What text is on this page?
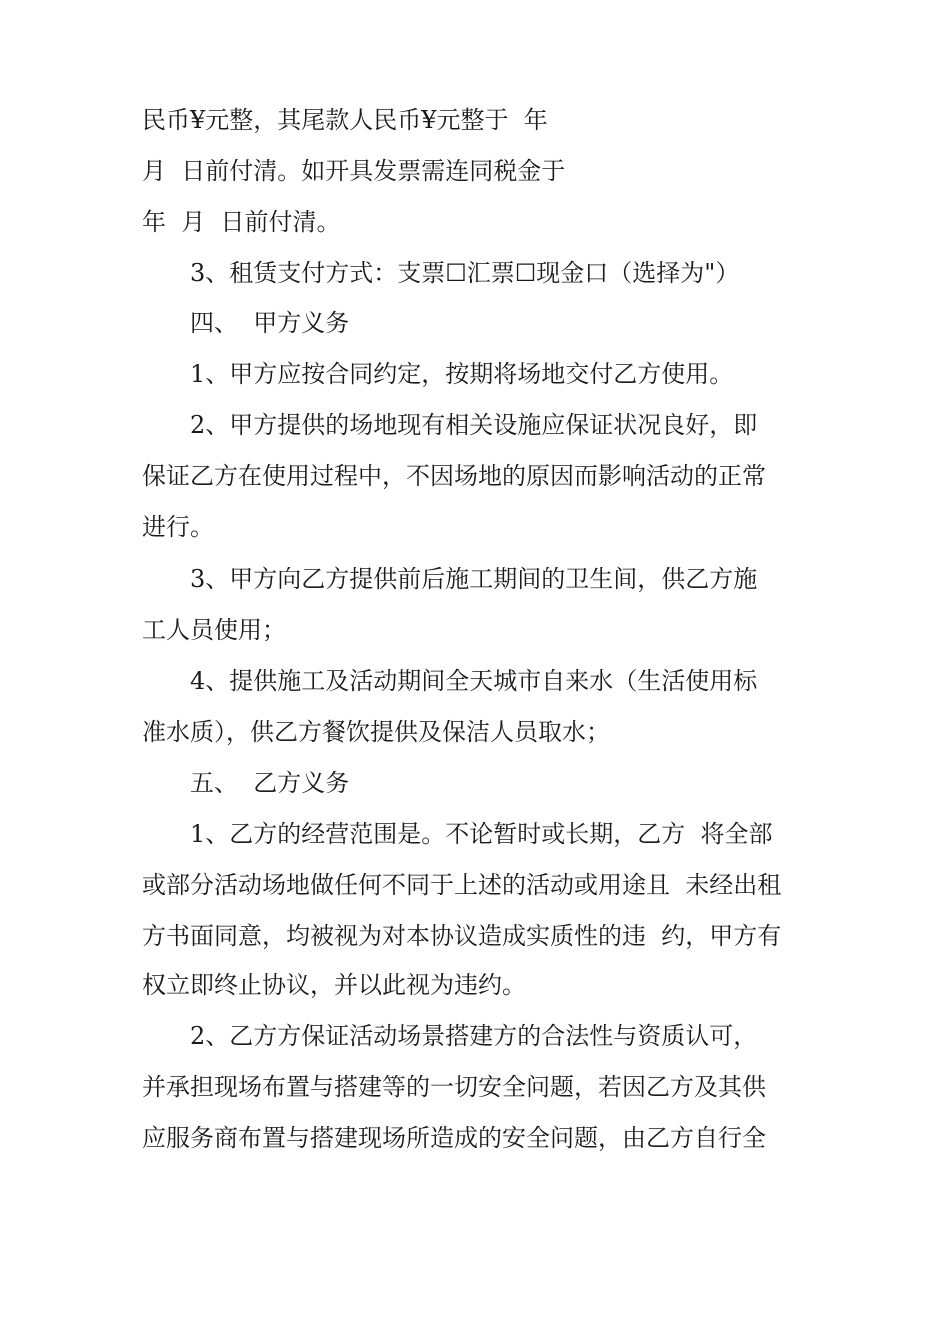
民币¥元整，其尾款人民币¥元整于  年
月  日前付清。如开具发票需连同税金于
年  月  日前付清。
3、租赁支付方式：支票☐汇票☐现金口（选择为"）
四、  甲方义务
1、甲方应按合同约定，按期将场地交付乙方使用。
2、甲方提供的场地现有相关设施应保证状况良好，即
保证乙方在使用过程中，不因场地的原因而影响活动的正常
进行。
3、甲方向乙方提供前后施工期间的卫生间，供乙方施
工人员使用；
4、提供施工及活动期间全天城市自来水（生活使用标
准水质），供乙方餐饮提供及保洁人员取水；
五、  乙方义务
1、乙方的经营范围是。不论暂时或长期，乙方  将全部
或部分活动场地做任何不同于上述的活动或用途且  未经出租
方书面同意，均被视为对本协议造成实质性的违  约，甲方有
权立即终止协议，并以此视为违约。
2、乙方方保证活动场景搭建方的合法性与资质认可，
并承担现场布置与搭建等的一切安全问题，若因乙方及其供
应服务商布置与搭建现场所造成的安全问题，由乙方自行全
